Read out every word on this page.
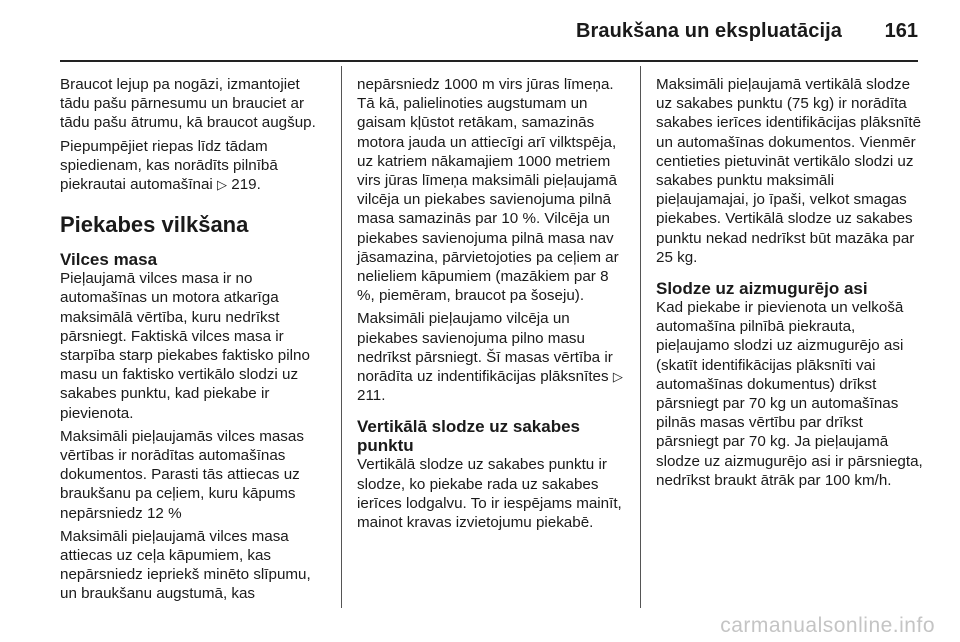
Braukšana un ekspluatācija 161

Braucot lejup pa nogāzi, izmantojiet tādu pašu pārnesumu un brauciet ar tādu pašu ātrumu, kā braucot augšup.

Piepumpējiet riepas līdz tādam spiedienam, kas norādīts pilnībā piekrautai automašīnai ▷ 219.

Piekabes vilkšana
Vilces masa

Pieļaujamā vilces masa ir no automašīnas un motora atkarīga maksimālā vērtība, kuru nedrīkst pārsniegt. Faktiskā vilces masa ir starpība starp piekabes faktisko pilno masu un faktisko vertikālo slodzi uz sakabes punktu, kad piekabe ir pievienota.

Maksimāli pieļaujamās vilces masas vērtības ir norādītas automašīnas dokumentos. Parasti tās attiecas uz braukšanu pa ceļiem, kuru kāpums nepārsniedz 12 %

Maksimāli pieļaujamā vilces masa attiecas uz ceļa kāpumiem, kas nepārsniedz iepriekš minēto slīpumu, un braukšanu augstumā, kas

nepārsniedz 1000 m virs jūras līmeņa. Tā kā, palielinoties augstumam un gaisam kļūstot retākam, samazinās motora jauda un attiecīgi arī vilktspēja, uz katriem nākamajiem 1000 metriem virs jūras līmeņa maksimāli pieļaujamā vilcēja un piekabes savienojuma pilnā masa samazinās par 10 %. Vilcēja un piekabes savienojuma pilnā masa nav jāsamazina, pārvietojoties pa ceļiem ar nelieliem kāpumiem (mazākiem par 8 %, piemēram, braucot pa šoseju).

Maksimāli pieļaujamo vilcēja un piekabes savienojuma pilno masu nedrīkst pārsniegt. Šī masas vērtība ir norādīta uz indentifikācijas plāksnītes ▷ 211.

Vertikālā slodze uz sakabes punktu

Vertikālā slodze uz sakabes punktu ir slodze, ko piekabe rada uz sakabes ierīces lodgalvu. To ir iespējams mainīt, mainot kravas izvietojumu piekabē.

Maksimāli pieļaujamā vertikālā slodze uz sakabes punktu (75 kg) ir norādīta sakabes ierīces identifikācijas plāksnītē un automašīnas dokumentos. Vienmēr centieties pietuvināt vertikālo slodzi uz sakabes punktu maksimāli pieļaujamajai, jo īpaši, velkot smagas piekabes. Vertikālā slodze uz sakabes punktu nekad nedrīkst būt mazāka par 25 kg.

Slodze uz aizmugurējo asi

Kad piekabe ir pievienota un velkošā automašīna pilnībā piekrauta, pieļaujamo slodzi uz aizmugurējo asi (skatīt identifikācijas plāksnīti vai automašīnas dokumentus) drīkst pārsniegt par 70 kg un automašīnas pilnās masas vērtību par drīkst pārsniegt par 70 kg. Ja pieļaujamā slodze uz aizmugurējo asi ir pārsniegta, nedrīkst braukt ātrāk par 100 km/h.

carmanualsonline.info
